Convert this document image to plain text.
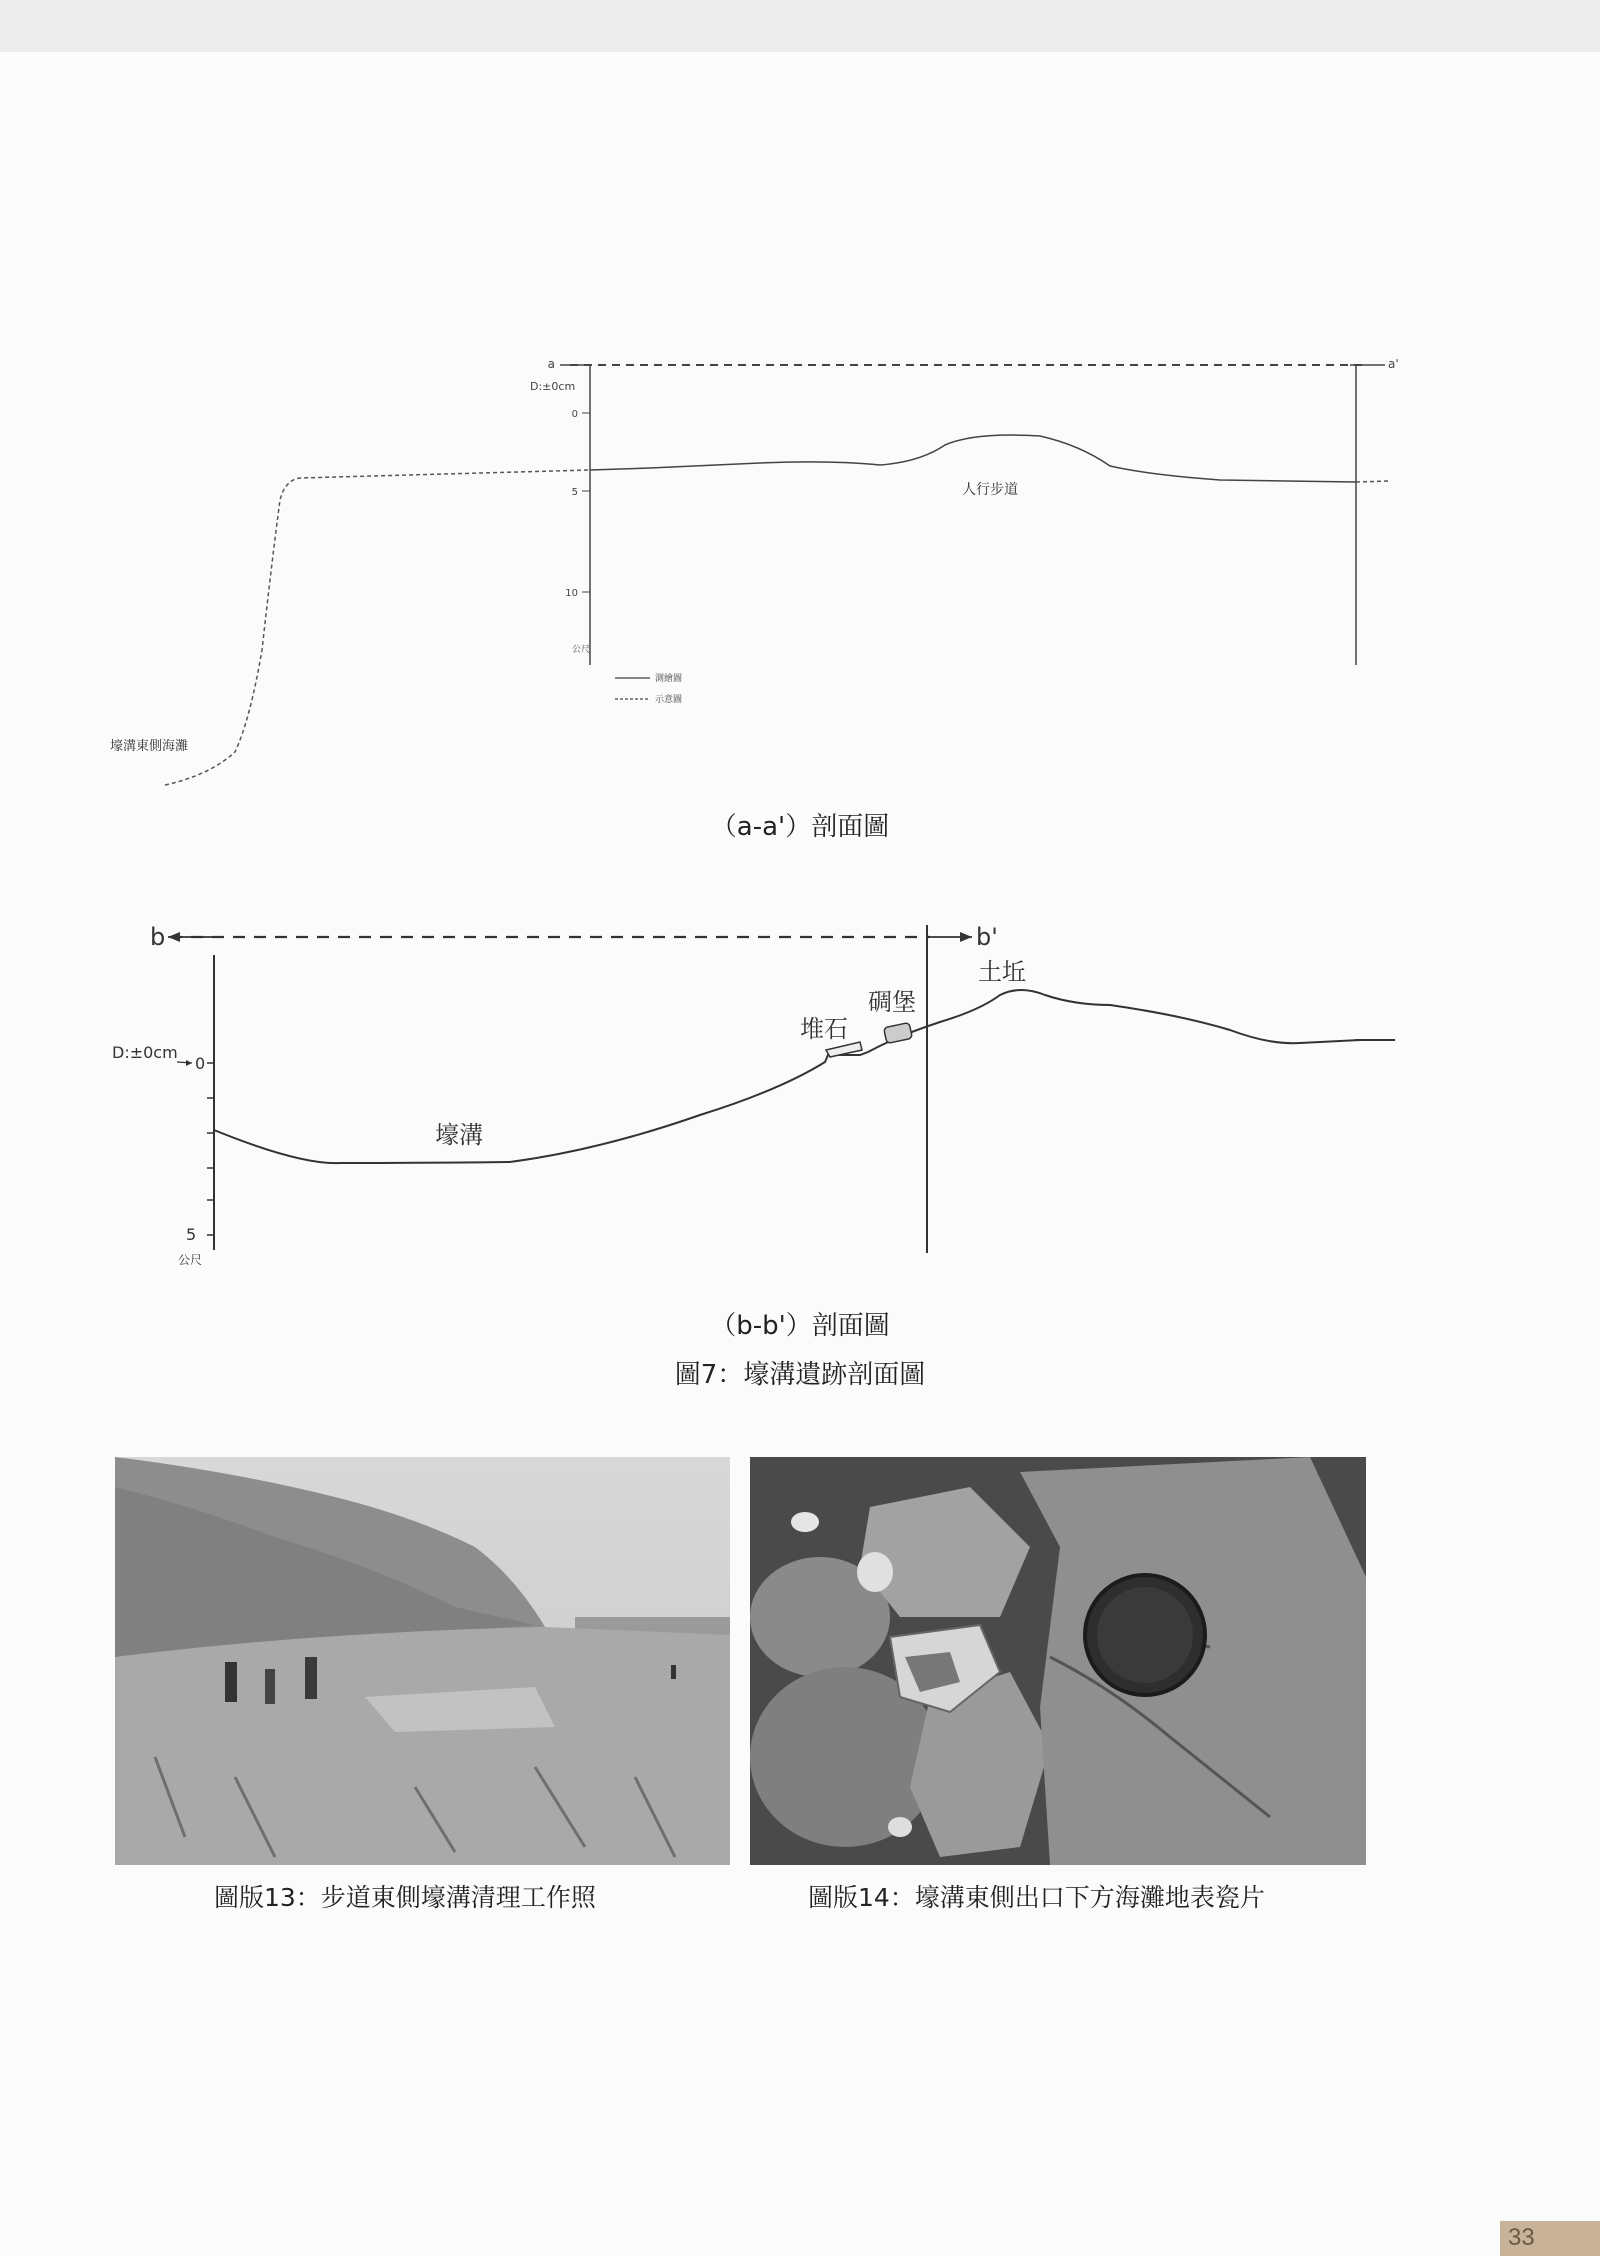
a	a'
D:±0cm
0
5
10
公尺
人行步道
壕溝東側海灘
測繪圖
示意圖
（a-a'）剖面圖
b	b'
D:±0cm
0
5
公尺
壕溝
堆石
碉堡
土坵
（b-b'）剖面圖
圖7：壕溝遺跡剖面圖
圖版13：步道東側壕溝清理工作照	圖版14：壕溝東側出口下方海灘地表瓷片
33
